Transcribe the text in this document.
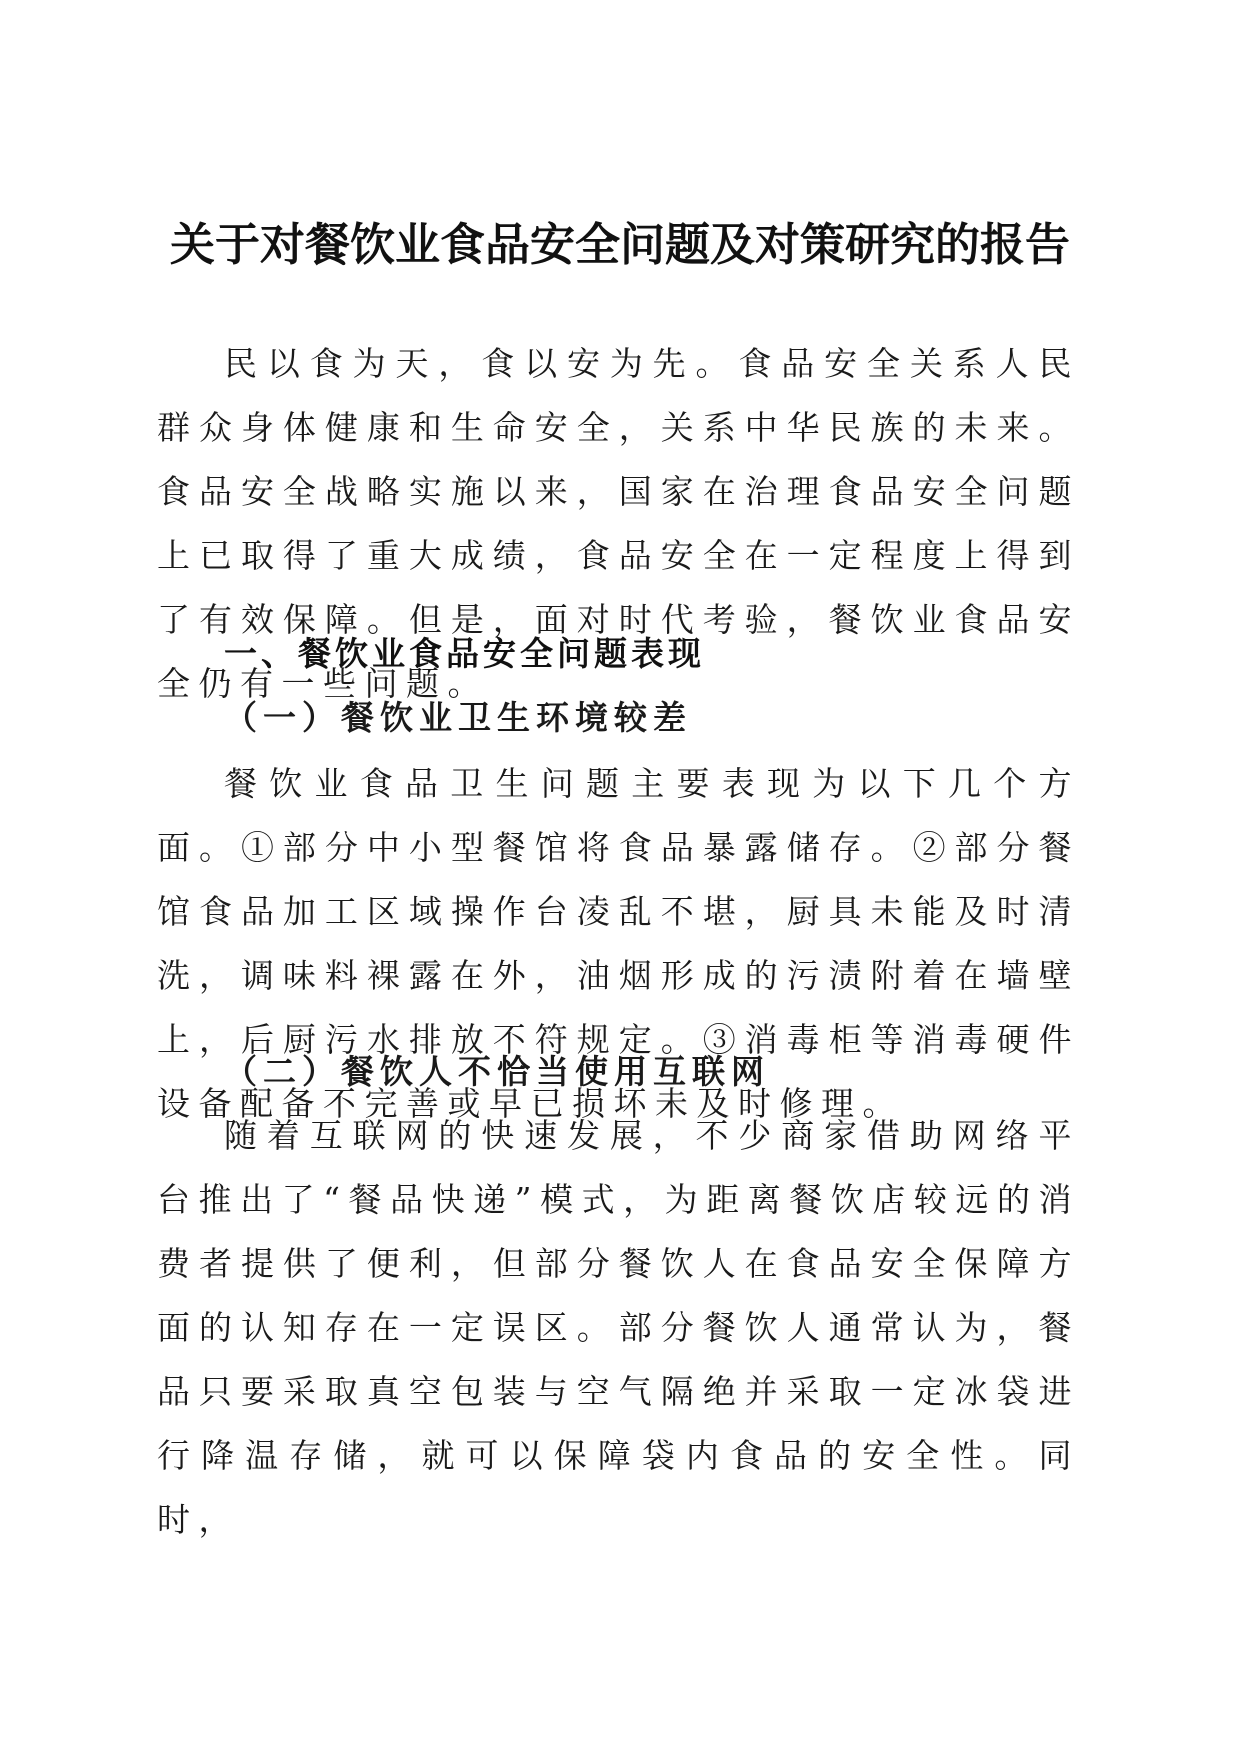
关于对餐饮业食品安全问题及对策研究的报告

民以食为天，食以安为先。食品安全关系人民群众身体健康和生命安全，关系中华民族的未来。食品安全战略实施以来，国家在治理食品安全问题上已取得了重大成绩，食品安全在一定程度上得到了有效保障。但是，面对时代考验，餐饮业食品安全仍有一些问题。

一、餐饮业食品安全问题表现
（一）餐饮业卫生环境较差

餐饮业食品卫生问题主要表现为以下几个方面。①部分中小型餐馆将食品暴露储存。②部分餐馆食品加工区域操作台凌乱不堪，厨具未能及时清洗，调味料裸露在外，油烟形成的污渍附着在墙壁上，后厨污水排放不符规定。③消毒柜等消毒硬件设备配备不完善或早已损坏未及时修理。

（二）餐饮人不恰当使用互联网

随着互联网的快速发展，不少商家借助网络平台推出了“餐品快递”模式，为距离餐饮店较远的消费者提供了便利，但部分餐饮人在食品安全保障方面的认知存在一定误区。部分餐饮人通常认为，餐品只要采取真空包装与空气隔绝并采取一定冰袋进行降温存储，就可以保障袋内食品的安全性。同时，
